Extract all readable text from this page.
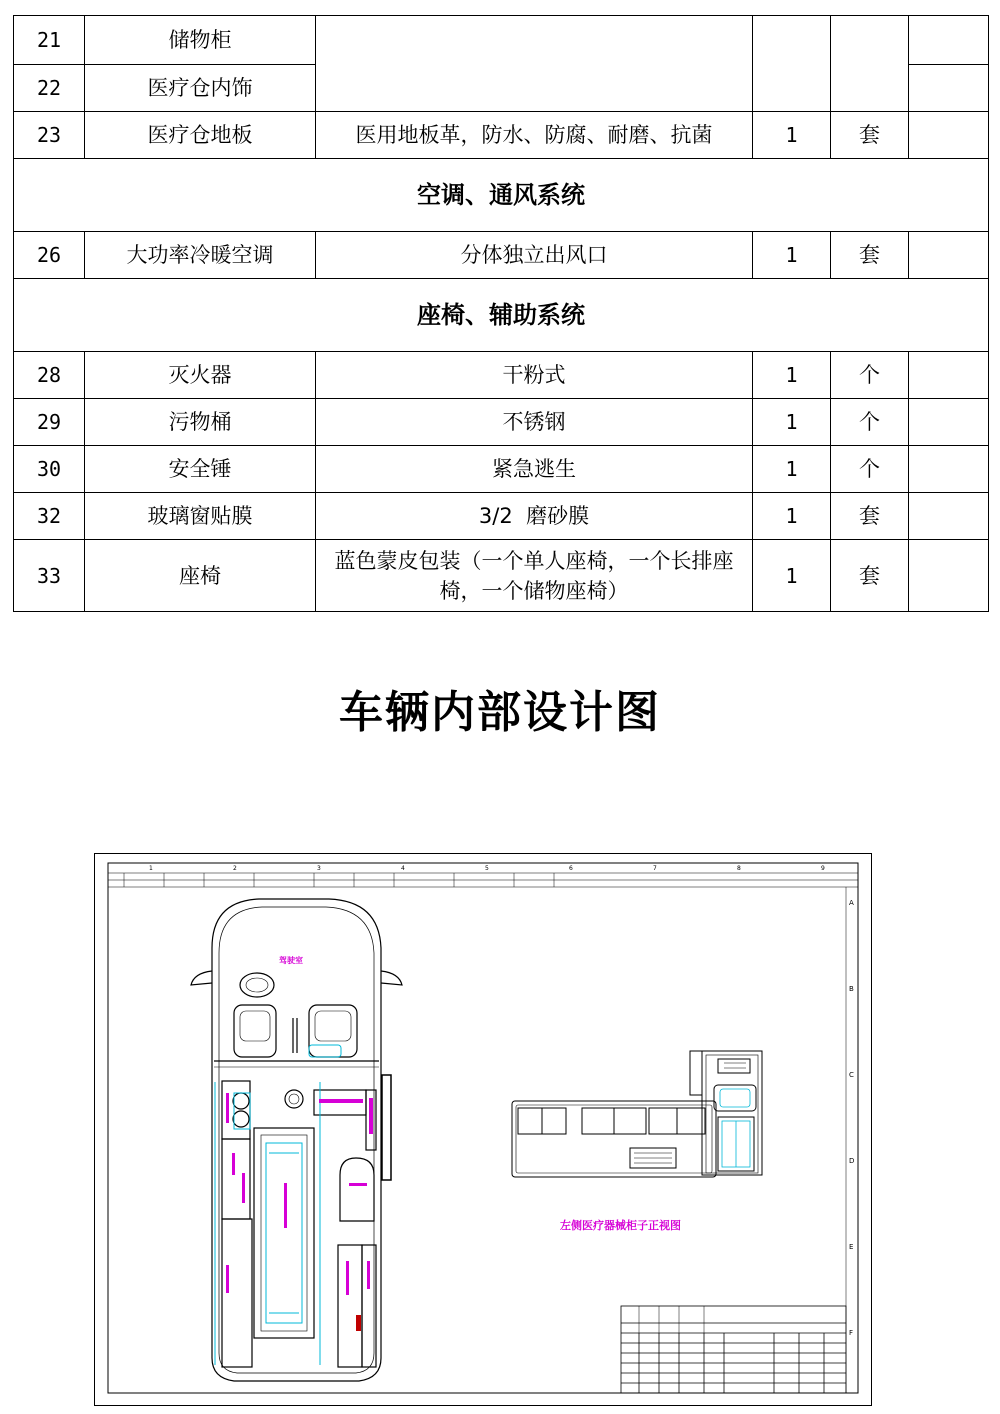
21	储物柜				
22	医疗仓内饰				
23	医疗仓地板	医用地板革，防水、防腐、耐磨、抗菌	1	套	
空调、通风系统					
26	大功率冷暖空调	分体独立出风口	1	套	
座椅、辅助系统					
28	灭火器	干粉式	1	个	
29	污物桶	不锈钢	1	个	
30	安全锤	紧急逃生	1	个	
32	玻璃窗贴膜	3/2  磨砂膜	1	套	
33	座椅	蓝色蒙皮包装（一个单人座椅，一个长排座椅，一个储物座椅）	1	套	
车辆内部设计图
1	2	3	4	5	6	7	8	9
A
B
C
D
E
F
驾驶室
左侧医疗器械柜子正视图
